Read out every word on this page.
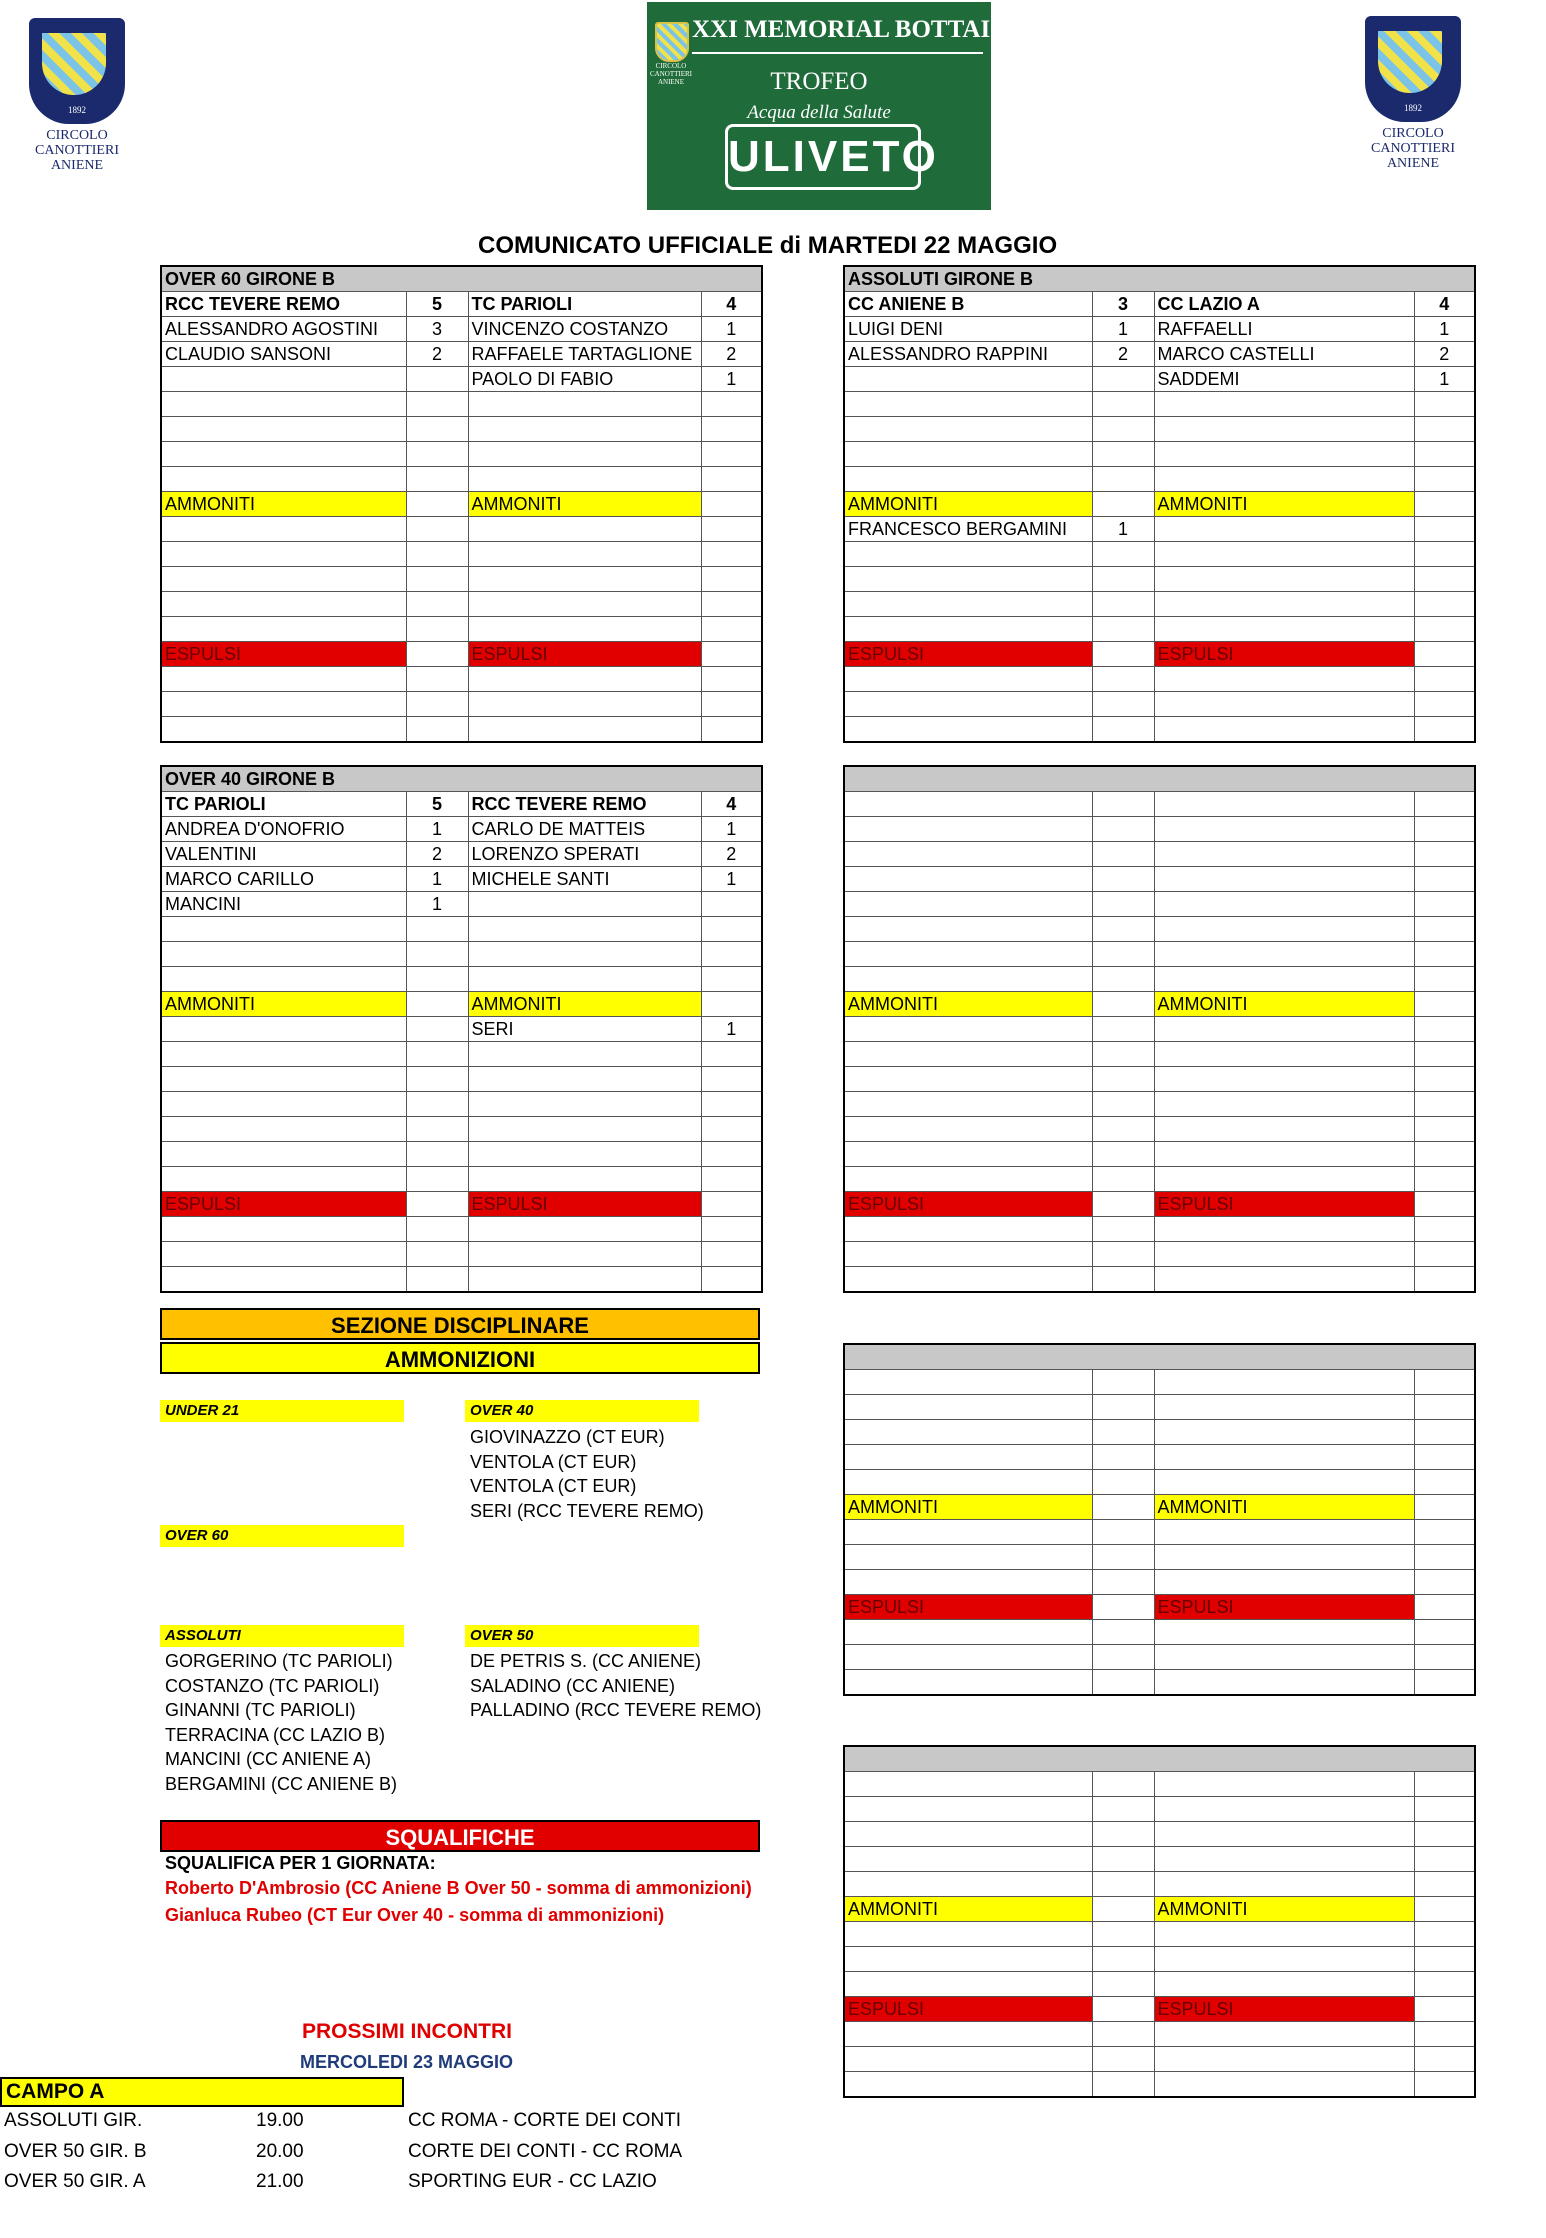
1892
CIRCOLO
CANOTTIERI
ANIENE
1892
CIRCOLO
CANOTTIERI
ANIENE
CIRCOLO CANOTTIERI ANIENE
XXI MEMORIAL BOTTAI
TROFEO
Acqua della Salute
ULIVETO
COMUNICATO UFFICIALE di MARTEDI 22 MAGGIO
OVER 60 GIRONE B			
RCC TEVERE REMO	5	TC PARIOLI	4
ALESSANDRO AGOSTINI	3	VINCENZO COSTANZO	1
CLAUDIO SANSONI	2	RAFFAELE TARTAGLIONE	2
		PAOLO DI FABIO	1

AMMONITI		AMMONITI	

ESPULSI		ESPULSI	

ASSOLUTI GIRONE B			
CC ANIENE B	3	CC LAZIO A	4
LUIGI DENI	1	RAFFAELLI	1
ALESSANDRO RAPPINI	2	MARCO CASTELLI	2
		SADDEMI	1

AMMONITI		AMMONITI	
FRANCESCO BERGAMINI	1		

ESPULSI		ESPULSI	

OVER 40 GIRONE B			
TC PARIOLI	5	RCC TEVERE REMO	4
ANDREA D'ONOFRIO	1	CARLO DE MATTEIS	1
VALENTINI	2	LORENZO SPERATI	2
MARCO CARILLO	1	MICHELE SANTI	1
MANCINI	1		

AMMONITI		AMMONITI	
		SERI	1

ESPULSI		ESPULSI	

AMMONITI		AMMONITI	

ESPULSI		ESPULSI	

AMMONITI		AMMONITI	

ESPULSI		ESPULSI	

AMMONITI		AMMONITI	

ESPULSI		ESPULSI	

SEZIONE DISCIPLINARE
AMMONIZIONI
UNDER 21	OVER 40
GIOVINAZZO (CT EUR)
VENTOLA (CT EUR)
VENTOLA (CT EUR)
SERI (RCC TEVERE REMO)
OVER 60
ASSOLUTI
GORGERINO (TC PARIOLI)
COSTANZO (TC PARIOLI)
GINANNI (TC PARIOLI)
TERRACINA (CC LAZIO B)
MANCINI (CC ANIENE A)
BERGAMINI (CC ANIENE B)
OVER 50
DE PETRIS S. (CC ANIENE)
SALADINO (CC ANIENE)
PALLADINO (RCC TEVERE REMO)
SQUALIFICHE
SQUALIFICA PER 1 GIORNATA:
Roberto D'Ambrosio (CC Aniene B Over 50 - somma di ammonizioni)
Gianluca Rubeo (CT Eur Over 40 - somma di ammonizioni)
PROSSIMI INCONTRI
MERCOLEDI 23 MAGGIO
CAMPO A
ASSOLUTI GIR.	19.00	CC ROMA - CORTE DEI CONTI
OVER 50 GIR. B	20.00	CORTE DEI CONTI - CC ROMA
OVER 50 GIR. A	21.00	SPORTING EUR - CC LAZIO
